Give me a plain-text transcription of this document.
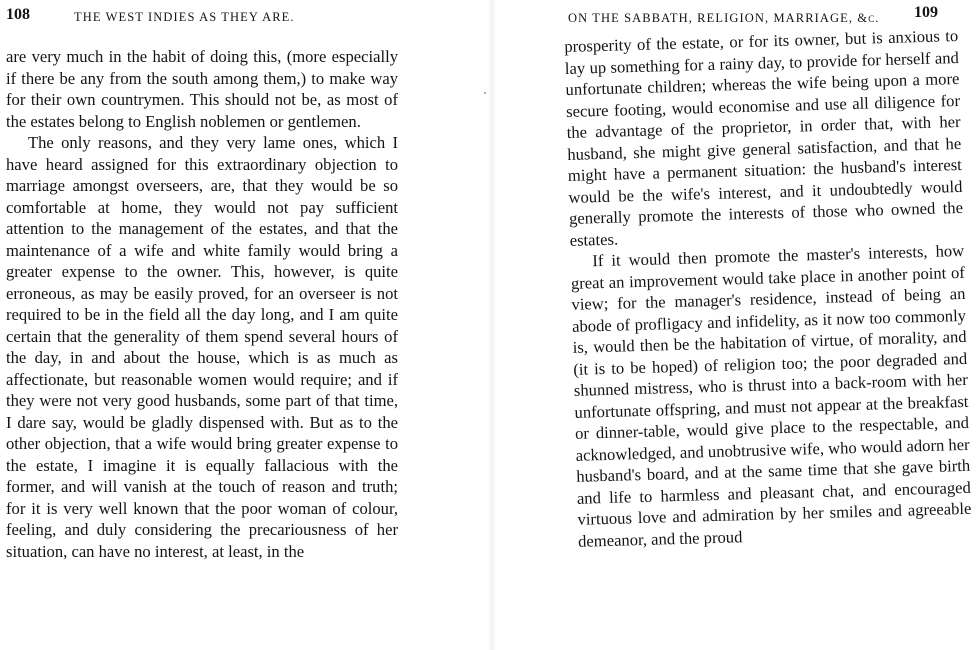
108	THE WEST INDIES AS THEY ARE.

are very much in the habit of doing this, (more especially if there be any from the south among them,) to make way for their own countrymen. This should not be, as most of the estates belong to English noblemen or gentlemen.

The only reasons, and they very lame ones, which I have heard assigned for this extraordinary objection to marriage amongst overseers, are, that they would be so comfortable at home, they would not pay sufficient attention to the management of the estates, and that the maintenance of a wife and white family would bring a greater expense to the owner. This, however, is quite erroneous, as may be easily proved, for an overseer is not required to be in the field all the day long, and I am quite certain that the generality of them spend several hours of the day, in and about the house, which is as much as affectionate, but reasonable women would require; and if they were not very good husbands, some part of that time, I dare say, would be gladly dispensed with. But as to the other objection, that a wife would bring greater expense to the estate, I imagine it is equally fallacious with the former, and will vanish at the touch of reason and truth; for it is very well known that the poor woman of colour, feeling, and duly considering the precariousness of her situation, can have no interest, at least, in the

ON THE SABBATH, RELIGION, MARRIAGE, &c. 109

prosperity of the estate, or for its owner, but is anxious to lay up something for a rainy day, to provide for herself and unfortunate children; whereas the wife being upon a more secure footing, would economise and use all diligence for the advantage of the proprietor, in order that, with her husband, she might give general satisfaction, and that he might have a permanent situation: the husband's interest would be the wife's interest, and it undoubtedly would generally promote the interests of those who owned the estates.

If it would then promote the master's interests, how great an improvement would take place in another point of view; for the manager's residence, instead of being an abode of profligacy and infidelity, as it now too commonly is, would then be the habitation of virtue, of morality, and (it is to be hoped) of religion too; the poor degraded and shunned mistress, who is thrust into a back-room with her unfortunate offspring, and must not appear at the breakfast or dinner-table, would give place to the respectable, and acknowledged, and unobtrusive wife, who would adorn her husband's board, and at the same time that she gave birth and life to harmless and pleasant chat, and encouraged virtuous love and admiration by her smiles and agreeable demeanor, and the proud
